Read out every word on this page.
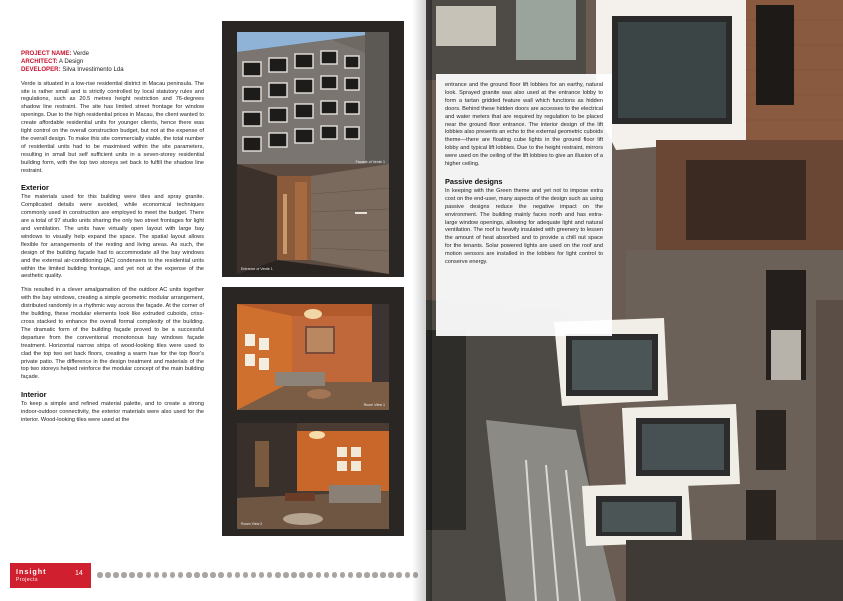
PROJECT NAME: Verde

ARCHITECT: A Design

DEVELOPER: Silva Investimento Lda

Verde is situated in a low-rise residential district in Macau peninsula. The site is rather small and is strictly controlled by local statutory rules and regulations, such as 20.5 metres height restriction and 76-degrees shadow line restraint. The site has limited street frontage for window openings. Due to the high residential prices in Macau, the client wanted to create affordable residential units for younger clients, hence there was tight control on the overall construction budget, but not at the expense of the overall design. To make this site commercially viable, the total number of residential units had to be maximised within the site parameters, resulting in small but self sufficient units in a seven-storey residential building form, with the top two storeys set back to fulfill the shadow line restraint.

Exterior

The materials used for this building were tiles and spray granite. Complicated details were avoided, while economical techniques commonly used in construction are employed to meet the budget. There are a total of 97 studio units sharing the only two street frontages for light and ventilation. The units have virtually open layout with large bay windows to visually help expand the space. The spatial layout allows flexible for arrangements of the resting and living areas. As such, the design of the building façade had to accommodate all the bay windows and the external air-conditioning (AC) condensers to the residential units within the limited building frontage, and yet not at the expense of the aesthetic quality.

This resulted in a clever amalgamation of the outdoor AC units together with the bay windows, creating a simple geometric modular arrangement, distributed randomly in a rhythmic way across the façade. At the corner of the building, these modular elements look like extruded cuboids, criss-cross stacked to enhance the overall formal complexity of the building. The dramatic form of the building façade proved to be a successful departure from the conventional monotonous bay windows façade treatment. Horizontal narrow strips of wood-looking tiles were used to clad the top two set back floors, creating a warm hue for the top floor's private patio. The difference in the design treatment and materials of the top two storeys helped reinforce the modular concept of the main building façade.

Interior

To keep a simple and refined material palette, and to create a strong indoor-outdoor connectivity, the exterior materials were also used for the interior. Wood-looking tiles were used at the

Facade of Verde 1
Entrance of Verde 1
Room View 1
Room View 2
Insight
Projects
14

entrance and the ground floor lift lobbies for an earthy, natural look. Sprayed granite was also used at the entrance lobby to form a tartan gridded feature wall which functions as hidden doors. Behind these hidden doors are accesses to the electrical and water meters that are required by regulation to be placed near the ground floor entrance. The interior design of the lift lobbies also presents an echo to the external geometric cuboids theme—there are floating cube lights in the ground floor lift lobby and typical lift lobbies. Due to the height restraint, mirrors were used on the ceiling of the lift lobbies to give an illusion of a higher ceiling.

Passive designs

In keeping with the Green theme and yet not to impose extra cost on the end-user, many aspects of the design such as using passive designs reduce the negative impact on the environment. The building mainly faces north and has extra-large window openings, allowing for adequate light and natural ventilation. The roof is heavily insulated with greenery to lessen the amount of heat absorbed and to provide a chill out space for the tenants. Solar powered lights are used on the roof and motion sensors are installed in the lobbies for light control to conserve energy.
